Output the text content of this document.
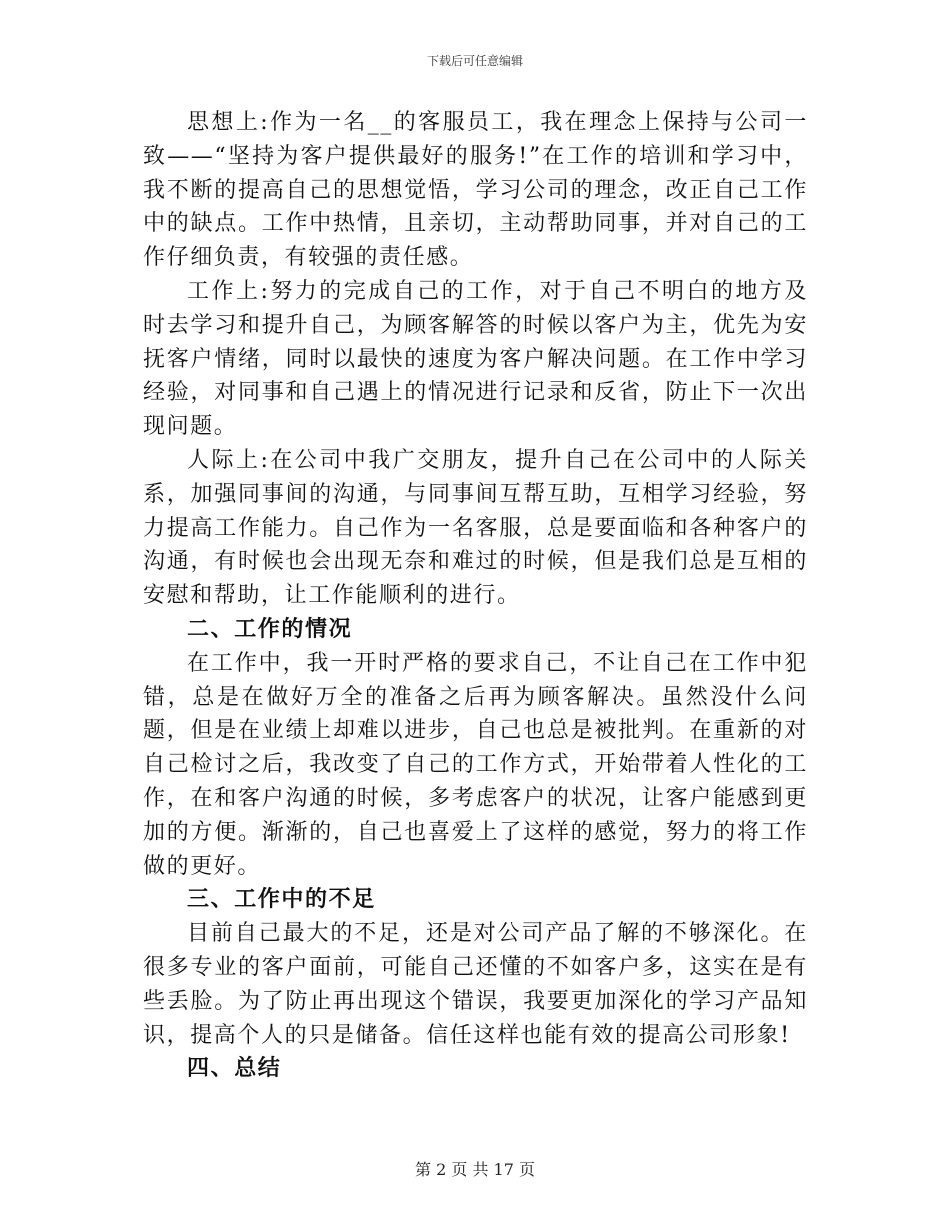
下载后可任意编辑

思想上:作为一名__的客服员工，我在理念上保持与公司一致——“坚持为客户提供最好的服务!”在工作的培训和学习中，我不断的提高自己的思想觉悟，学习公司的理念，改正自己工作中的缺点。工作中热情，且亲切，主动帮助同事，并对自己的工作仔细负责，有较强的责任感。

工作上:努力的完成自己的工作，对于自己不明白的地方及时去学习和提升自己，为顾客解答的时候以客户为主，优先为安抚客户情绪，同时以最快的速度为客户解决问题。在工作中学习经验，对同事和自己遇上的情况进行记录和反省，防止下一次出现问题。

人际上:在公司中我广交朋友，提升自己在公司中的人际关系，加强同事间的沟通，与同事间互帮互助，互相学习经验，努力提高工作能力。自己作为一名客服，总是要面临和各种客户的沟通，有时候也会出现无奈和难过的时候，但是我们总是互相的安慰和帮助，让工作能顺利的进行。

二、工作的情况

在工作中，我一开时严格的要求自己，不让自己在工作中犯错，总是在做好万全的准备之后再为顾客解决。虽然没什么问题，但是在业绩上却难以进步，自己也总是被批判。在重新的对自己检讨之后，我改变了自己的工作方式，开始带着人性化的工作，在和客户沟通的时候，多考虑客户的状况，让客户能感到更加的方便。渐渐的，自己也喜爱上了这样的感觉，努力的将工作做的更好。

三、工作中的不足

目前自己最大的不足，还是对公司产品了解的不够深化。在很多专业的客户面前，可能自己还懂的不如客户多，这实在是有些丢脸。为了防止再出现这个错误，我要更加深化的学习产品知识，提高个人的只是储备。信任这样也能有效的提高公司形象!

四、总结

第 2 页 共 17 页
